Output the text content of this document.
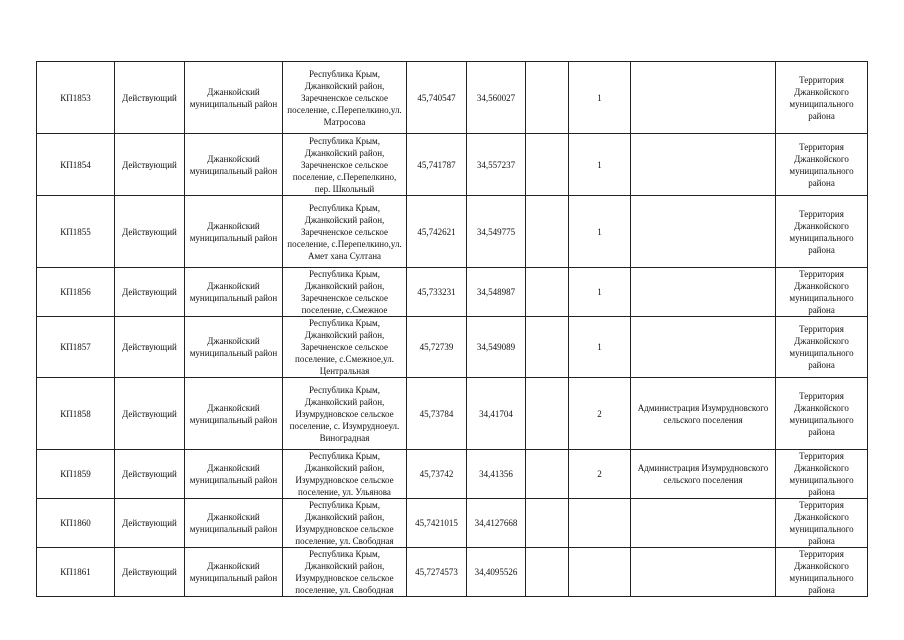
КП1853	Действующий	Джанкойский муниципальный район	Республика Крым, Джанкойский район, Заречненское сельское поселение, с.Перепелкино,ул. Матросова	45,740547	34,560027		1		Территория Джанкойского муниципального района
КП1854	Действующий	Джанкойский муниципальный район	Республика Крым, Джанкойский район, Заречненское сельское поселение, с.Перепелкино, пер. Школьный	45,741787	34,557237		1		Территория Джанкойского муниципального района
КП1855	Действующий	Джанкойский муниципальный район	Республика Крым, Джанкойский район, Заречненское сельское поселение, с.Перепелкино,ул. Амет хана Султана	45,742621	34,549775		1		Территория Джанкойского муниципального района
КП1856	Действующий	Джанкойский муниципальный район	Республика Крым, Джанкойский район, Заречненское сельское поселение, с.Смежное	45,733231	34,548987		1		Территория Джанкойского муниципального района
КП1857	Действующий	Джанкойский муниципальный район	Республика Крым, Джанкойский район, Заречненское сельское поселение, с.Смежное,ул. Центральная	45,72739	34,549089		1		Территория Джанкойского муниципального района
КП1858	Действующий	Джанкойский муниципальный район	Республика Крым, Джанкойский район, Изумрудновское сельское поселение, с. Изумрудноеул. Виноградная	45,73784	34,41704		2	Администрация Изумрудновского сельского поселения	Территория Джанкойского муниципального района
КП1859	Действующий	Джанкойский муниципальный район	Республика Крым, Джанкойский район, Изумрудновское сельское поселение, ул. Ульянова	45,73742	34,41356		2	Администрация Изумрудновского сельского поселения	Территория Джанкойского муниципального района
КП1860	Действующий	Джанкойский муниципальный район	Республика Крым, Джанкойский район, Изумрудновское сельское поселение, ул. Свободная	45,7421015	34,4127668				Территория Джанкойского муниципального района
КП1861	Действующий	Джанкойский муниципальный район	Республика Крым, Джанкойский район, Изумрудновское сельское поселение, ул. Свободная	45,7274573	34,4095526				Территория Джанкойского муниципального района
